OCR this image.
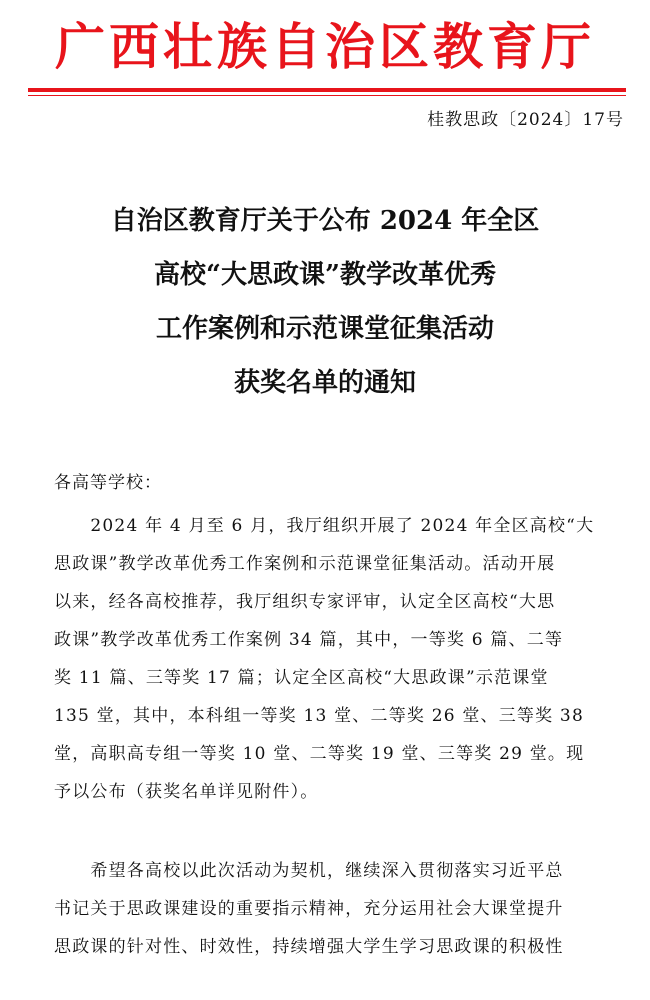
广西壮族自治区教育厅
桂教思政〔2024〕17号
自治区教育厅关于公布 2024 年全区
高校“大思政课”教学改革优秀
工作案例和示范课堂征集活动
获奖名单的通知
各高等学校：
　　2024 年 4 月至 6 月，我厅组织开展了 2024 年全区高校“大
思政课”教学改革优秀工作案例和示范课堂征集活动。活动开展
以来，经各高校推荐，我厅组织专家评审，认定全区高校“大思
政课”教学改革优秀工作案例 34 篇，其中，一等奖 6 篇、二等
奖 11 篇、三等奖 17 篇；认定全区高校“大思政课”示范课堂
135 堂，其中，本科组一等奖 13 堂、二等奖 26 堂、三等奖 38
堂，高职高专组一等奖 10 堂、二等奖 19 堂、三等奖 29 堂。现
予以公布（获奖名单详见附件）。
　　希望各高校以此次活动为契机，继续深入贯彻落实习近平总
书记关于思政课建设的重要指示精神，充分运用社会大课堂提升
思政课的针对性、时效性，持续增强大学生学习思政课的积极性
